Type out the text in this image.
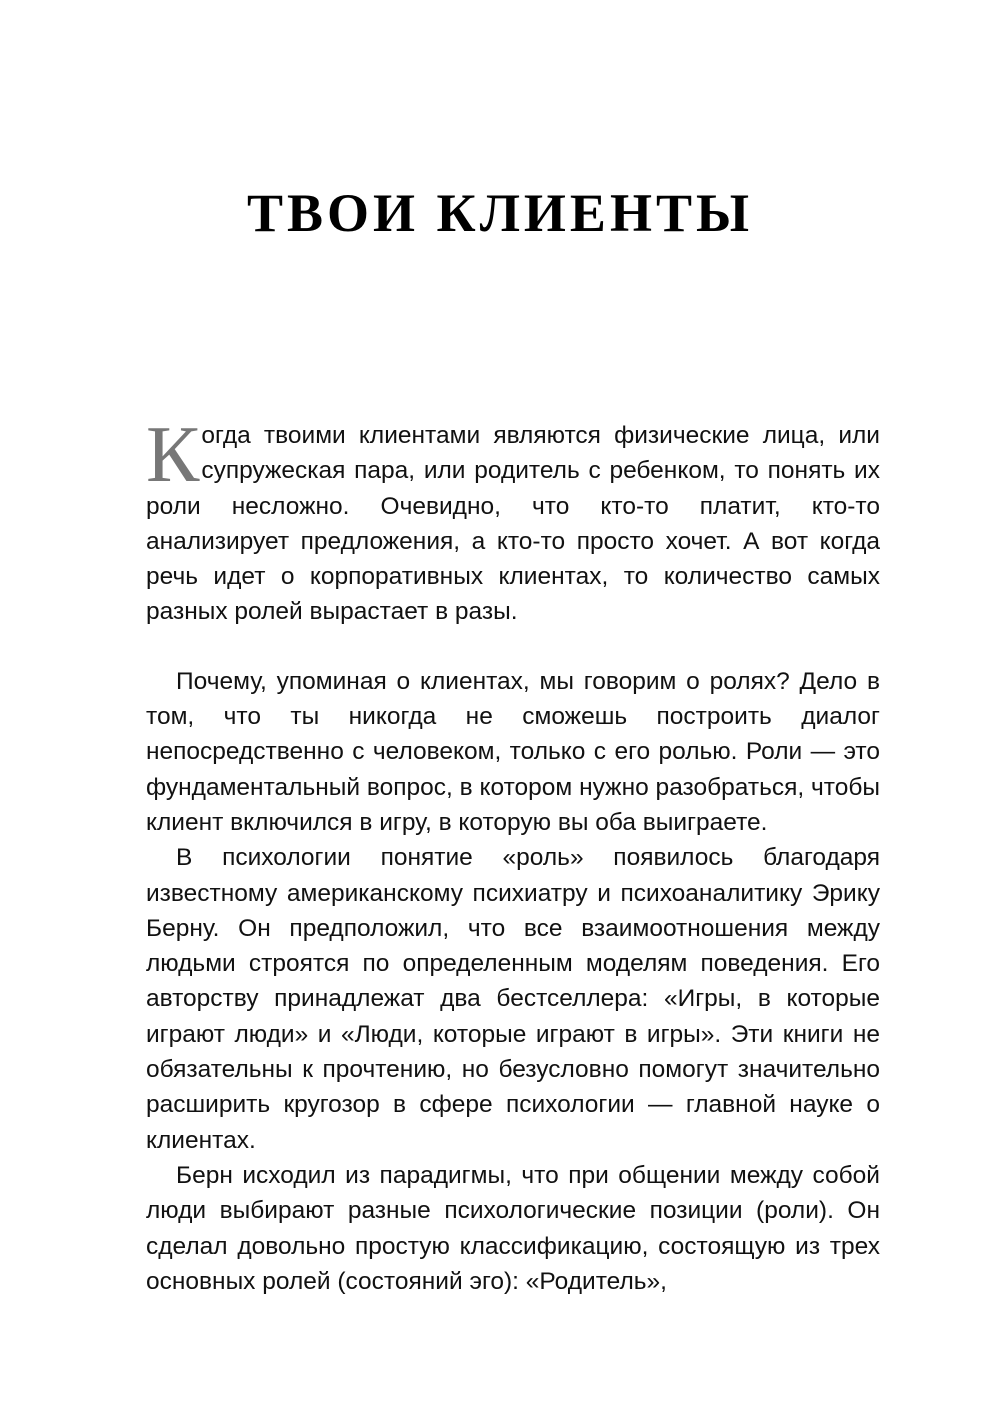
ТВОИ КЛИЕНТЫ

Когда твоими клиентами являются физические лица, или супружеская пара, или родитель с ребенком, то понять их роли несложно. Очевидно, что кто-то платит, кто-то анализирует предложения, а кто-то просто хочет. А вот когда речь идет о корпоративных клиентах, то количество самых разных ролей вырастает в разы.

Почему, упоминая о клиентах, мы говорим о ролях? Дело в том, что ты никогда не сможешь построить диалог непосредственно с человеком, только с его ролью. Роли — это фундаментальный вопрос, в котором нужно разобраться, чтобы клиент включился в игру, в которую вы оба выиграете.

В психологии понятие «роль» появилось благодаря известному американскому психиатру и психоаналитику Эрику Берну. Он предположил, что все взаимоотношения между людьми строятся по определенным моделям поведения. Его авторству принадлежат два бестселлера: «Игры, в которые играют люди» и «Люди, которые играют в игры». Эти книги не обязательны к прочтению, но безусловно помогут значительно расширить кругозор в сфере психологии — главной науке о клиентах.

Берн исходил из парадигмы, что при общении между собой люди выбирают разные психологические позиции (роли). Он сделал довольно простую классификацию, состоящую из трех основных ролей (состояний эго): «Родитель»,
